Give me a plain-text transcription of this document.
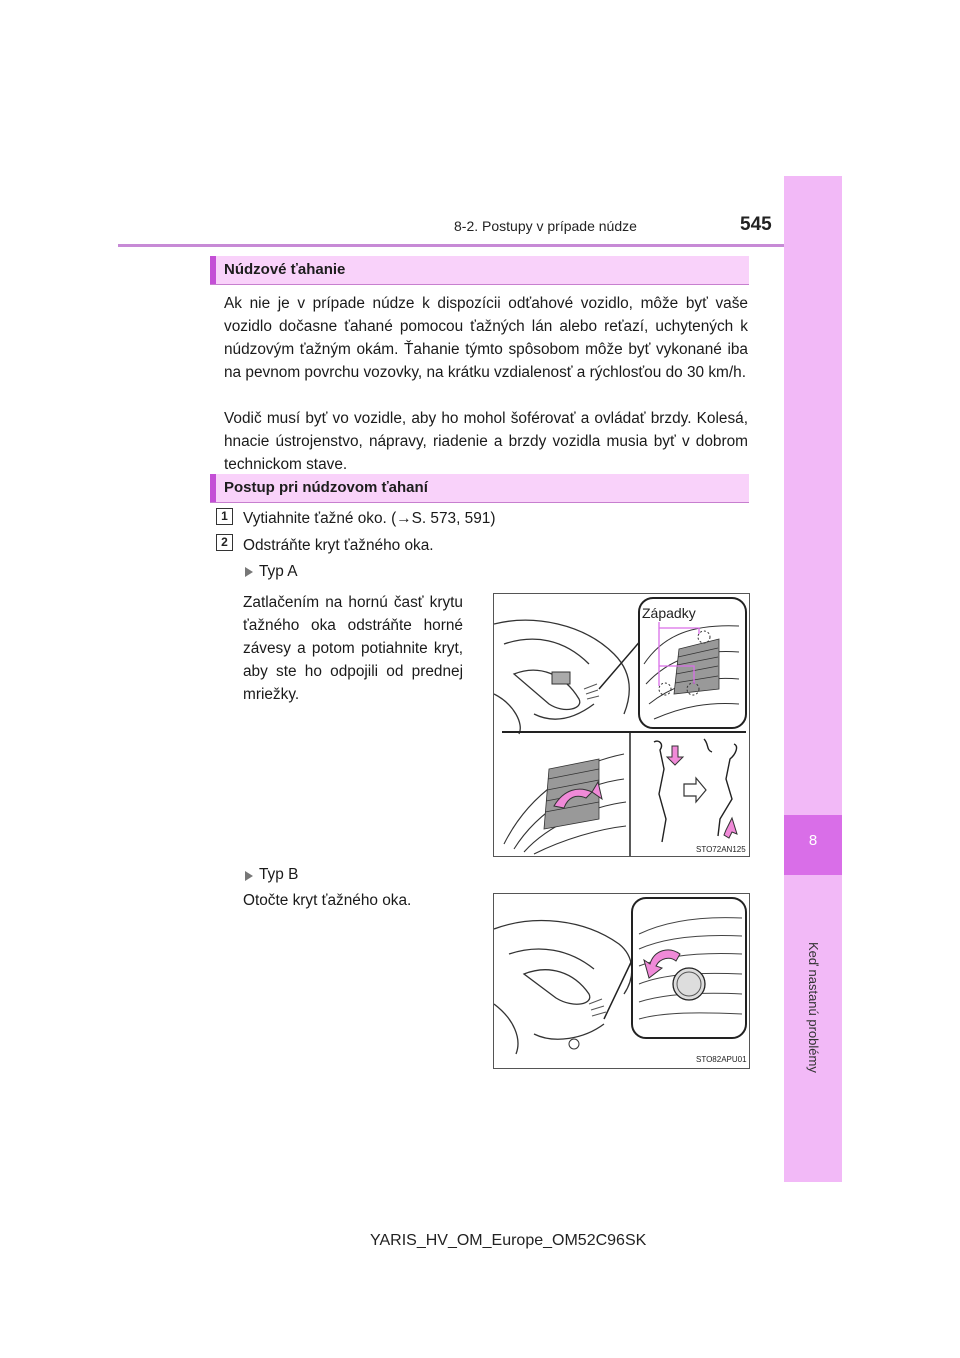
8-2. Postupy v prípade núdze	545
8
Núdzové ťahanie
Ak nie je v prípade núdze k dispozícii odťahové vozidlo, môže byť vaše vozidlo dočasne ťahané pomocou ťažných lán alebo reťazí, uchytených k núdzovým ťažným okám. Ťahanie týmto spôsobom môže byť vykonané iba na pevnom povrchu vozovky, na krátku vzdialenosť a rýchlosťou do 30 km/h.
Vodič musí byť vo vozidle, aby ho mohol šoférovať a ovládať brzdy. Kolesá, hnacie ústrojenstvo, nápravy, riadenie a brzdy vozidla musia byť v dobrom technickom stave.
Postup pri núdzovom ťahaní
1 Vytiahnite ťažné oko. (→S. 573, 591)
2 Odstráňte kryt ťažného oka.
Typ A
Zatlačením na hornú časť krytu ťažného oka odstráňte horné závesy a potom potiahnite kryt, aby ste ho odpojili od prednej mriežky.
Západky
STO72AN125
Typ B
Otočte kryt ťažného oka.
STO82APU01
YARIS_HV_OM_Europe_OM52C96SK
